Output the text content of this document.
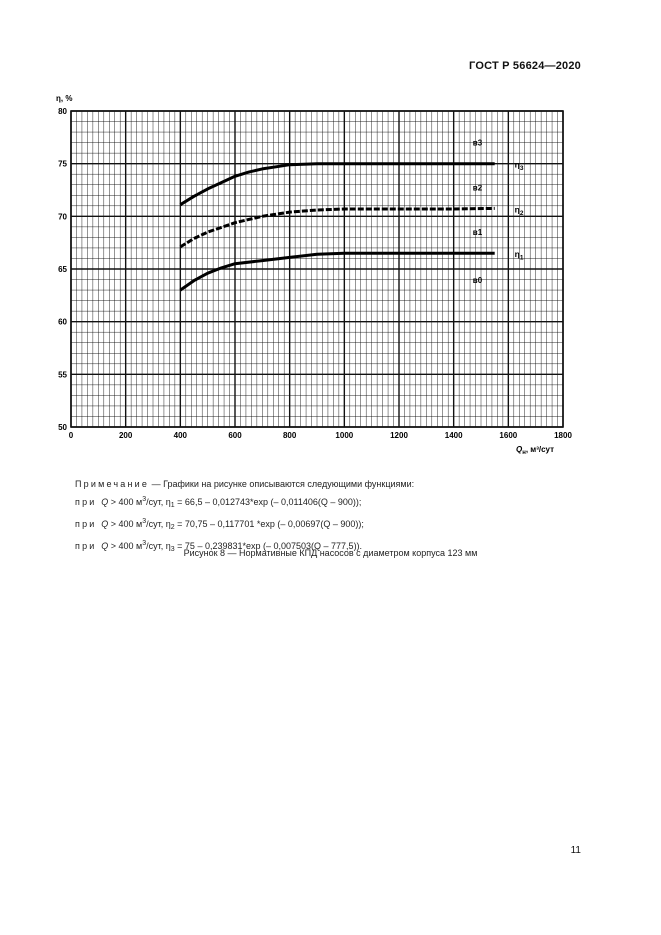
ГОСТ Р 56624—2020
0	200	400	600	800	1000	1200	1400	1600	1800
50
55
60
65
70
75
80
η, %
$Q_н$, м³/сут
$\eta_3$
в3
$\eta_2$
в2
$\eta_1$
в1
в0
Примечание — Графики на рисунке описываются следующими функциями:
при Q > 400 $м^3$/сут, $\eta_1 = 66,5 - 0,012743*\exp$ (– 0,011406(Q – 900));
при Q > 400 $м^3$/сут, $\eta_2 = 70,75 - 0,117701$ *exp (– 0,00697(Q – 900));
при Q > 400 $м^3$/сут, $\eta_3 = 75 - 0,239831*\exp$ (– 0,007503(Q – 777,5)).
Рисунок 8 — Нормативные КПД насосов с диаметром корпуса 123 мм
11
